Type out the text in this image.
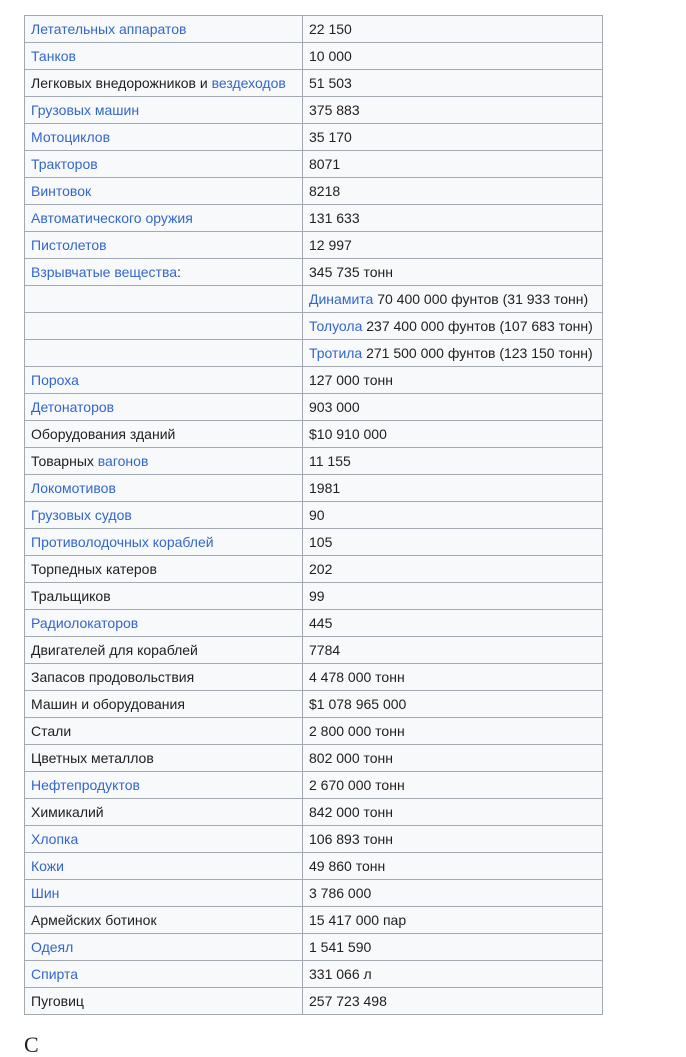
Летательных аппаратов	22 150
Танков	10 000
Легковых внедорожников и вездеходов	51 503
Грузовых машин	375 883
Мотоциклов	35 170
Тракторов	8071
Винтовок	8218
Автоматического оружия	131 633
Пистолетов	12 997
Взрывчатые вещества:	345 735 тонн
	Динамита 70 400 000 фунтов (31 933 тонн)
	Толуола 237 400 000 фунтов (107 683 тонн)
	Тротила 271 500 000 фунтов (123 150 тонн)
Пороха	127 000 тонн
Детонаторов	903 000
Оборудования зданий	$10 910 000
Товарных вагонов	11 155
Локомотивов	1981
Грузовых судов	90
Противолодочных кораблей	105
Торпедных катеров	202
Тральщиков	99
Радиолокаторов	445
Двигателей для кораблей	7784
Запасов продовольствия	4 478 000 тонн
Машин и оборудования	$1 078 965 000
Стали	2 800 000 тонн
Цветных металлов	802 000 тонн
Нефтепродуктов	2 670 000 тонн
Химикалий	842 000 тонн
Хлопка	106 893 тонн
Кожи	49 860 тонн
Шин	3 786 000
Армейских ботинок	15 417 000 пар
Одеял	1 541 590
Спирта	331 066 л
Пуговиц	257 723 498
С
